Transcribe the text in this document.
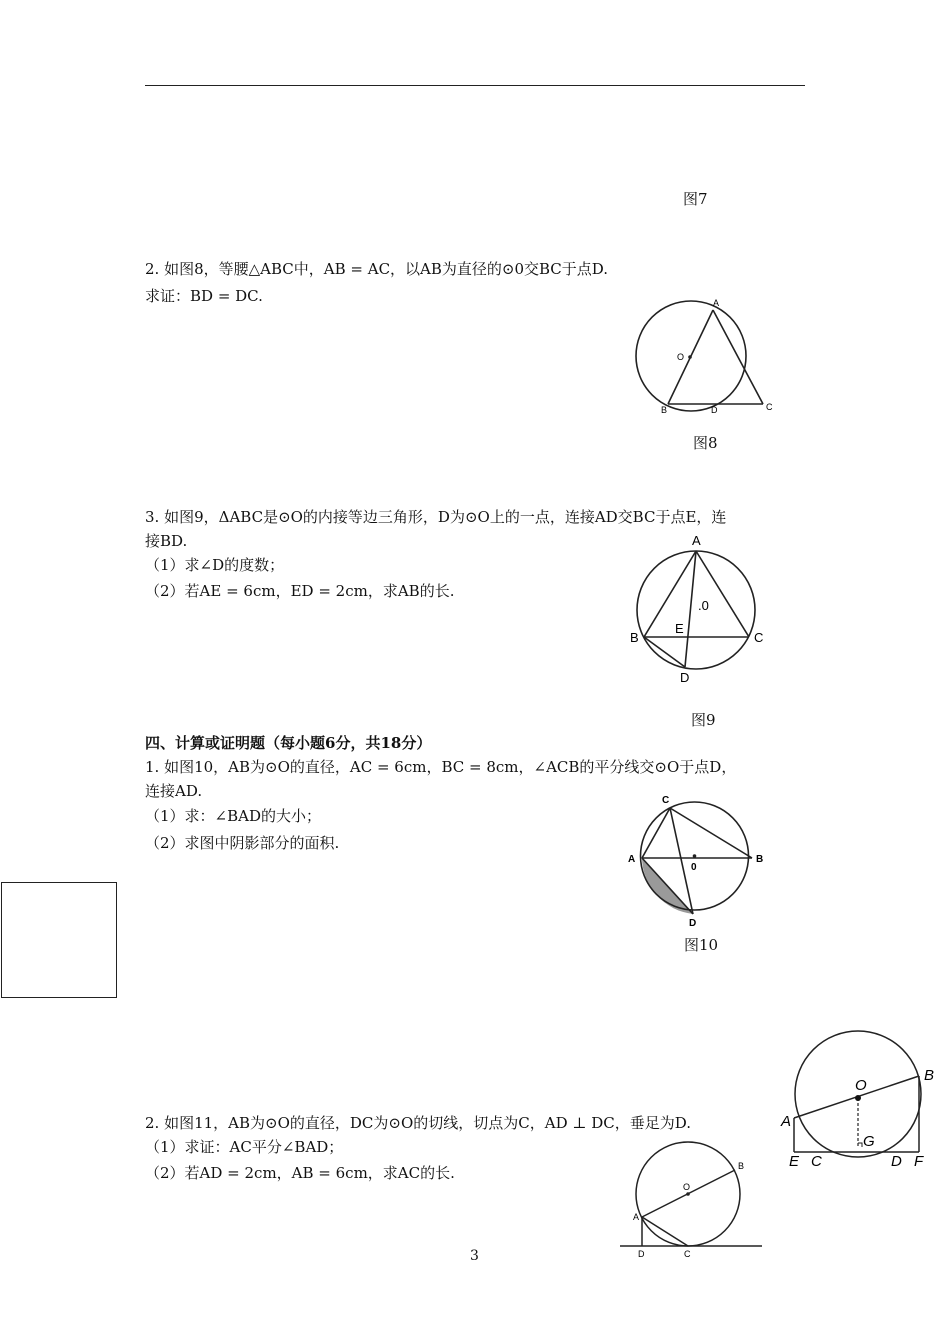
图7
2. 如图8，等腰△ABC中，AB = AC，以AB为直径的⊙0交BC于点D.
求证：BD = DC.	A
O
B	D	C
图8
3. 如图9，ΔABC是⊙O的内接等边三角形，D为⊙O上的一点，连接AD交BC于点E，连
接BD.
（1）求∠D的度数；
（2）若AE = 6cm，ED = 2cm，求AB的长.
A
.0
E
B	C
D
图9
四、计算或证明题（每小题6分，共18分）
1. 如图10，AB为⊙O的直径，AC = 6cm，BC = 8cm，∠ACB的平分线交⊙O于点D，
连接AD.
（1）求：∠BAD的大小；
（2）求图中阴影部分的面积.
C
A
0
B
D
图10
O
B
A
G
E C	D F
2. 如图11，AB为⊙O的直径，DC为⊙O的切线，切点为C，AD ⊥ DC，垂足为D.
（1）求证：AC平分∠BAD；
（2）若AD = 2cm，AB = 6cm，求AC的长.
O
B
A
D	C
3
